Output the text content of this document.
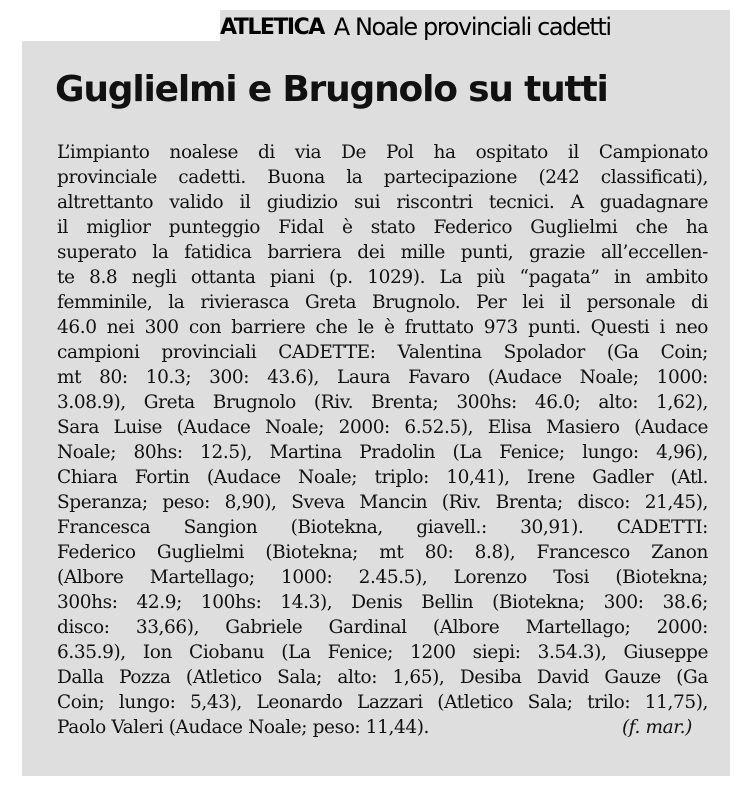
ATLETICA A Noale provinciali cadetti
Guglielmi e Brugnolo su tutti
L’impianto noalese di via De Pol ha ospitato il Campionato
provinciale cadetti. Buona la partecipazione (242 classificati),
altrettanto valido il giudizio sui riscontri tecnici. A guadagnare
il miglior punteggio Fidal è stato Federico Guglielmi che ha
superato la fatidica barriera dei mille punti, grazie all’eccellen-
te 8.8 negli ottanta piani (p. 1029). La più “pagata” in ambito
femminile, la rivierasca Greta Brugnolo. Per lei il personale di
46.0 nei 300 con barriere che le è fruttato 973 punti. Questi i neo
campioni provinciali CADETTE: Valentina Spolador (Ga Coin;
mt 80: 10.3; 300: 43.6), Laura Favaro (Audace Noale; 1000:
3.08.9), Greta Brugnolo (Riv. Brenta; 300hs: 46.0; alto: 1,62),
Sara Luise (Audace Noale; 2000: 6.52.5), Elisa Masiero (Audace
Noale; 80hs: 12.5), Martina Pradolin (La Fenice; lungo: 4,96),
Chiara Fortin (Audace Noale; triplo: 10,41), Irene Gadler (Atl.
Speranza; peso: 8,90), Sveva Mancin (Riv. Brenta; disco: 21,45),
Francesca Sangion (Biotekna, giavell.: 30,91). CADETTI:
Federico Guglielmi (Biotekna; mt 80: 8.8), Francesco Zanon
(Albore Martellago; 1000: 2.45.5), Lorenzo Tosi (Biotekna;
300hs: 42.9; 100hs: 14.3), Denis Bellin (Biotekna; 300: 38.6;
disco: 33,66), Gabriele Gardinal (Albore Martellago; 2000:
6.35.9), Ion Ciobanu (La Fenice; 1200 siepi: 3.54.3), Giuseppe
Dalla Pozza (Atletico Sala; alto: 1,65), Desiba David Gauze (Ga
Coin; lungo: 5,43), Leonardo Lazzari (Atletico Sala; trilo: 11,75),
Paolo Valeri (Audace Noale; peso: 11,44).	(f. mar.)
